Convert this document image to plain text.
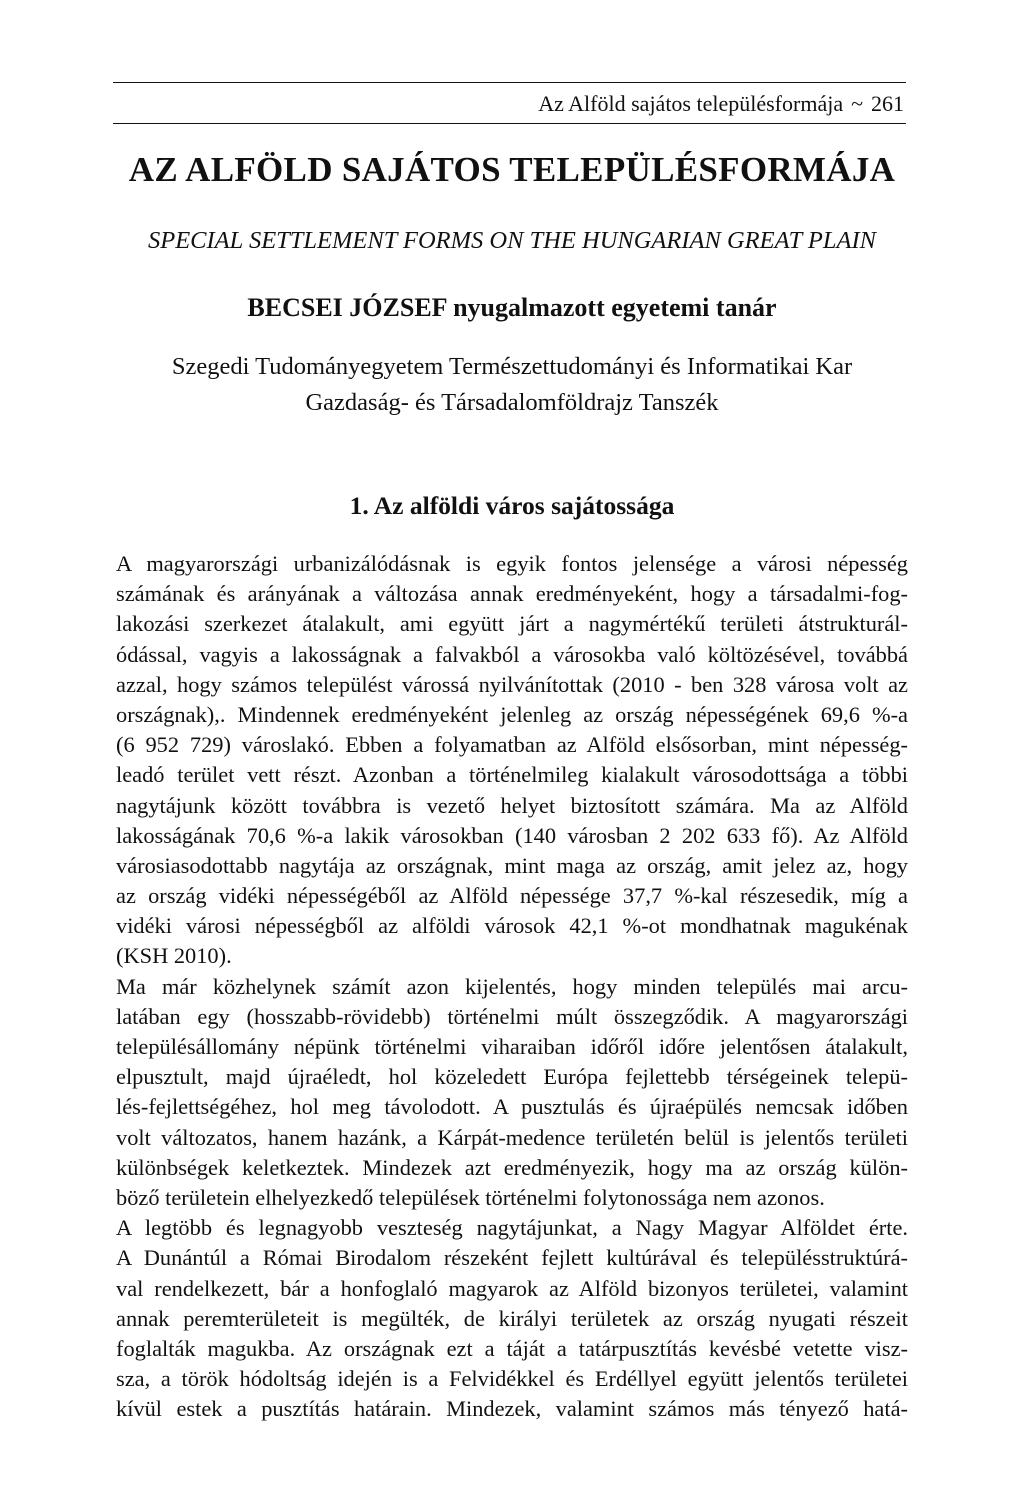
Az Alföld sajátos településformája ~ 261
AZ ALFÖLD SAJÁTOS TELEPÜLÉSFORMÁJA
SPECIAL SETTLEMENT FORMS ON THE HUNGARIAN GREAT PLAIN
BECSEI JÓZSEF nyugalmazott egyetemi tanár
Szegedi Tudományegyetem Természettudományi és Informatikai Kar
Gazdaság- és Társadalomföldrajz Tanszék
1. Az alföldi város sajátossága
A magyarországi urbanizálódásnak is egyik fontos jelensége a városi népesség
számának és arányának a változása annak eredményeként, hogy a társadalmi-fog-
lakozási szerkezet átalakult, ami együtt járt a nagymértékű területi átstrukturál-
ódással, vagyis a lakosságnak a falvakból a városokba való költözésével, továbbá
azzal, hogy számos települést várossá nyilvánítottak (2010 - ben 328 városa volt az
országnak),. Mindennek eredményeként jelenleg az ország népességének 69,6 %-a
(6 952 729) városlakó. Ebben a folyamatban az Alföld elsősorban, mint népesség-
leadó terület vett részt. Azonban a történelmileg kialakult városodottsága a többi
nagytájunk között továbbra is vezető helyet biztosított számára. Ma az Alföld
lakosságának 70,6 %-a lakik városokban (140 városban 2 202 633 fő). Az Alföld
városiasodottabb nagytája az országnak, mint maga az ország, amit jelez az, hogy
az ország vidéki népességéből az Alföld népessége 37,7 %-kal részesedik, míg a
vidéki városi népességből az alföldi városok 42,1 %-ot mondhatnak magukénak
(KSH 2010).
Ma már közhelynek számít azon kijelentés, hogy minden település mai arcu-
latában egy (hosszabb-rövidebb) történelmi múlt összegződik. A magyarországi
településállomány népünk történelmi viharaiban időről időre jelentősen átalakult,
elpusztult, majd újraéledt, hol közeledett Európa fejlettebb térségeinek telepü-
lés-fejlettségéhez, hol meg távolodott. A pusztulás és újraépülés nemcsak időben
volt változatos, hanem hazánk, a Kárpát-medence területén belül is jelentős területi
különbségek keletkeztek. Mindezek azt eredményezik, hogy ma az ország külön-
böző területein elhelyezkedő települések történelmi folytonossága nem azonos.
A legtöbb és legnagyobb veszteség nagytájunkat, a Nagy Magyar Alföldet érte.
A Dunántúl a Római Birodalom részeként fejlett kultúrával és településstruktúrá-
val rendelkezett, bár a honfoglaló magyarok az Alföld bizonyos területei, valamint
annak peremterületeit is megülték, de királyi területek az ország nyugati részeit
foglalták magukba. Az országnak ezt a táját a tatárpusztítás kevésbé vetette visz-
sza, a török hódoltság idején is a Felvidékkel és Erdéllyel együtt jelentős területei
kívül estek a pusztítás határain. Mindezek, valamint számos más tényező hatá-
